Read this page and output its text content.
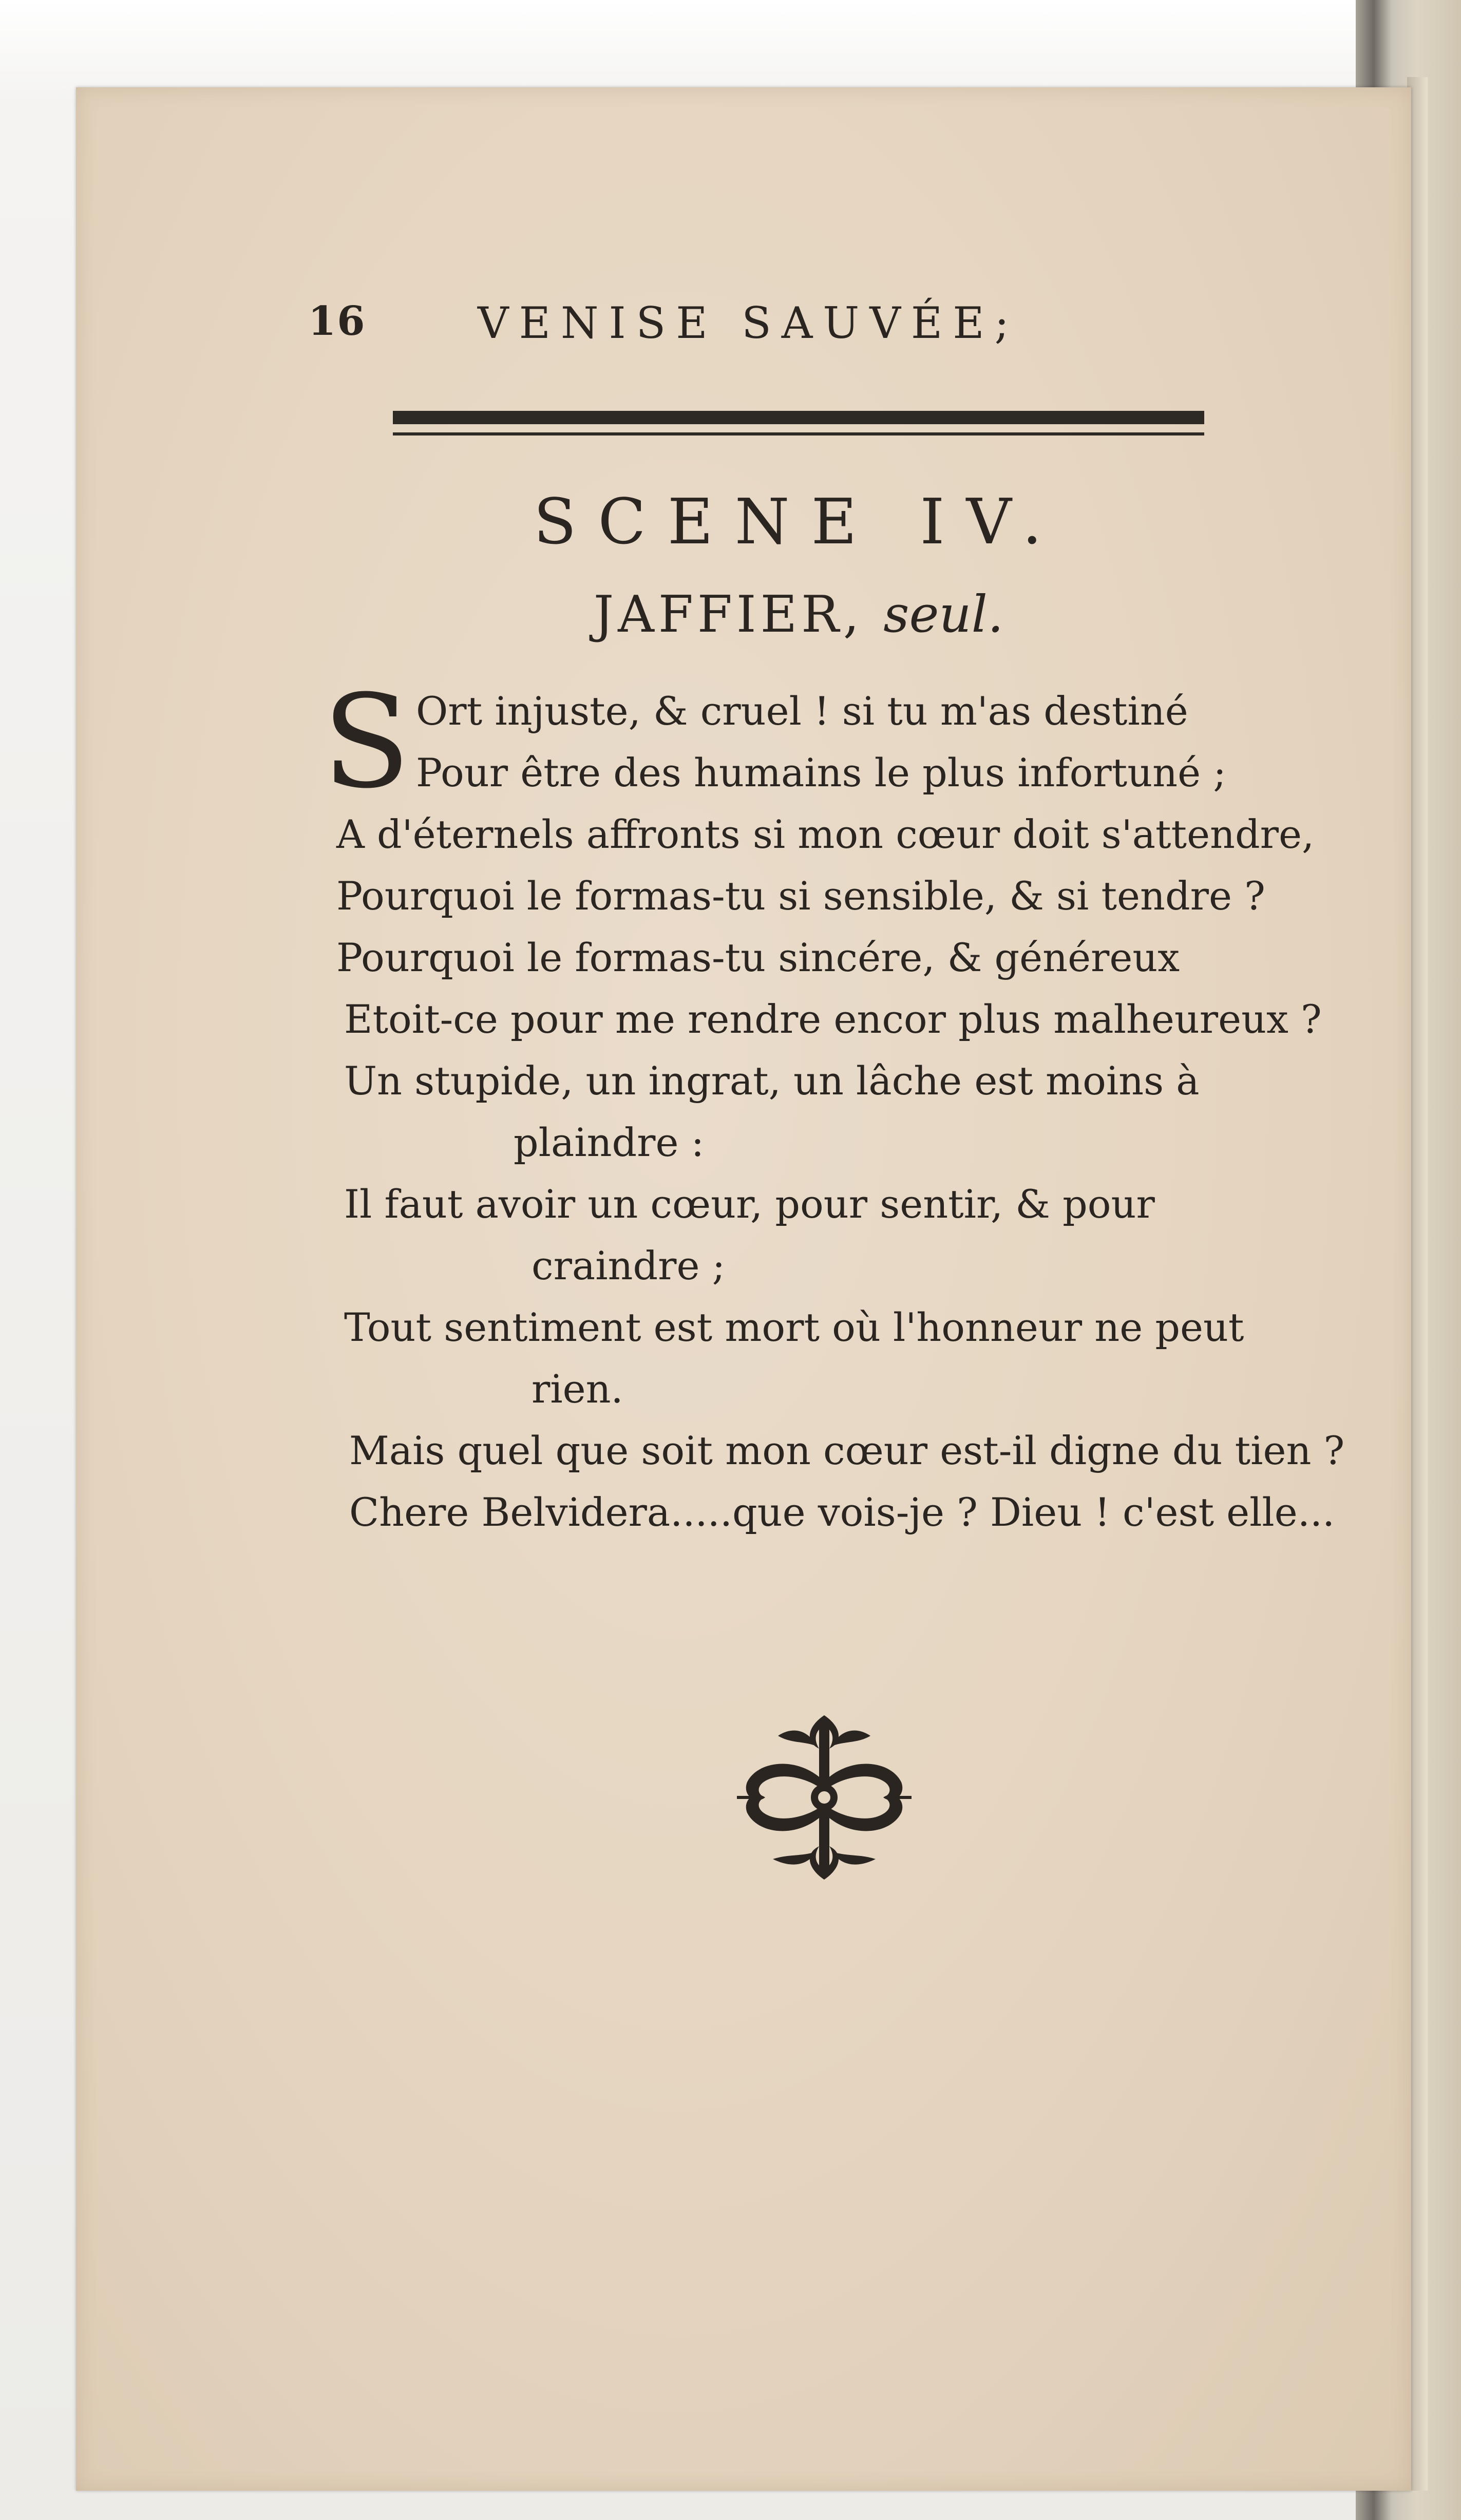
16	VENISE SAUVÉE;
SCENE IV.
JAFFIER, seul.
S Ort injuste, & cruel ! si tu m'as destiné
Pour être des humains le plus infortuné ;
A d'éternels affronts si mon cœur doit s'attendre,
Pourquoi le formas-tu si sensible, & si tendre ?
Pourquoi le formas-tu sincére, & généreux
Etoit-ce pour me rendre encor plus malheureux ?
Un stupide, un ingrat, un lâche est moins à
plaindre :
Il faut avoir un cœur, pour sentir, & pour
craindre ;
Tout sentiment est mort où l'honneur ne peut
rien.
Mais quel que soit mon cœur est-il digne du tien ?
Chere Belvidera.....que vois-je ? Dieu ! c'est elle...
